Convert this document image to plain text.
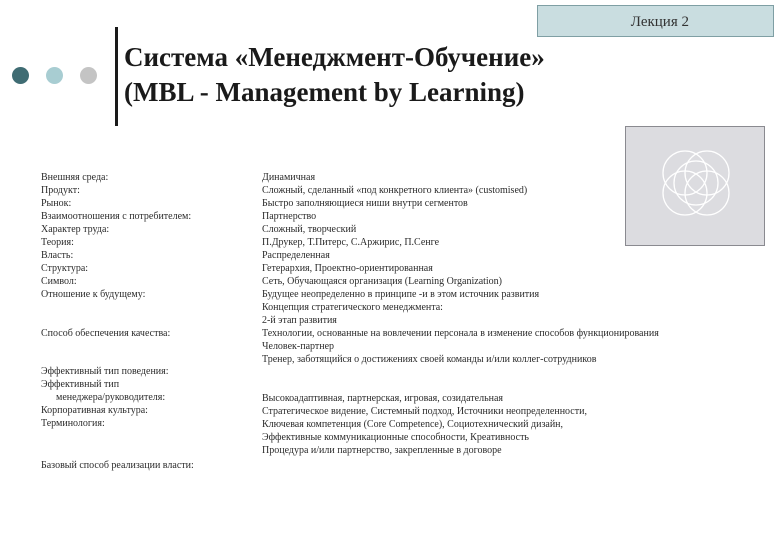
Лекция 2
Система «Менеджмент-Обучение»
(MBL - Management by Learning)
Внешняя среда:
Продукт:
Рынок:
Взаимоотношения с потребителем:
Характер труда:
Теория:
Власть:
Структура:
Символ:
Отношение к будущему:
Способ обеспечения качества:
Эффективный тип поведения:
Эффективный тип
менеджера/руководителя:
Корпоративная культура:
Терминология:
Базовый способ реализации власти:
Динамичная
Сложный, сделанный «под конкретного клиента» (customised)
Быстро заполняющиеся ниши внутри сегментов
Партнерство
Сложный, творческий
П.Друкер, Т.Питерс, С.Аржирис, П.Сенге
Распределенная
Гетерархия, Проектно-ориентированная
Сеть, Обучающаяся организация (Learning Organization)
Будущее неопределенно в принципе -и в этом источник развития
Концепция стратегического менеджмента:
2-й этап развития
Технологии, основанные на вовлечении персонала в изменение способов функционирования
Человек-партнер
Тренер, заботящийся о достижениях своей команды и/или коллег-сотрудников
Высокоадаптивная, партнерская, игровая, созидательная
Стратегическое видение, Системный подход, Источники неопределенности,
Ключевая компетенция (Core Competence), Социотехнический дизайн,
Эффективные коммуникационные способности, Креативность
Процедура и/или партнерство, закрепленные в договоре
